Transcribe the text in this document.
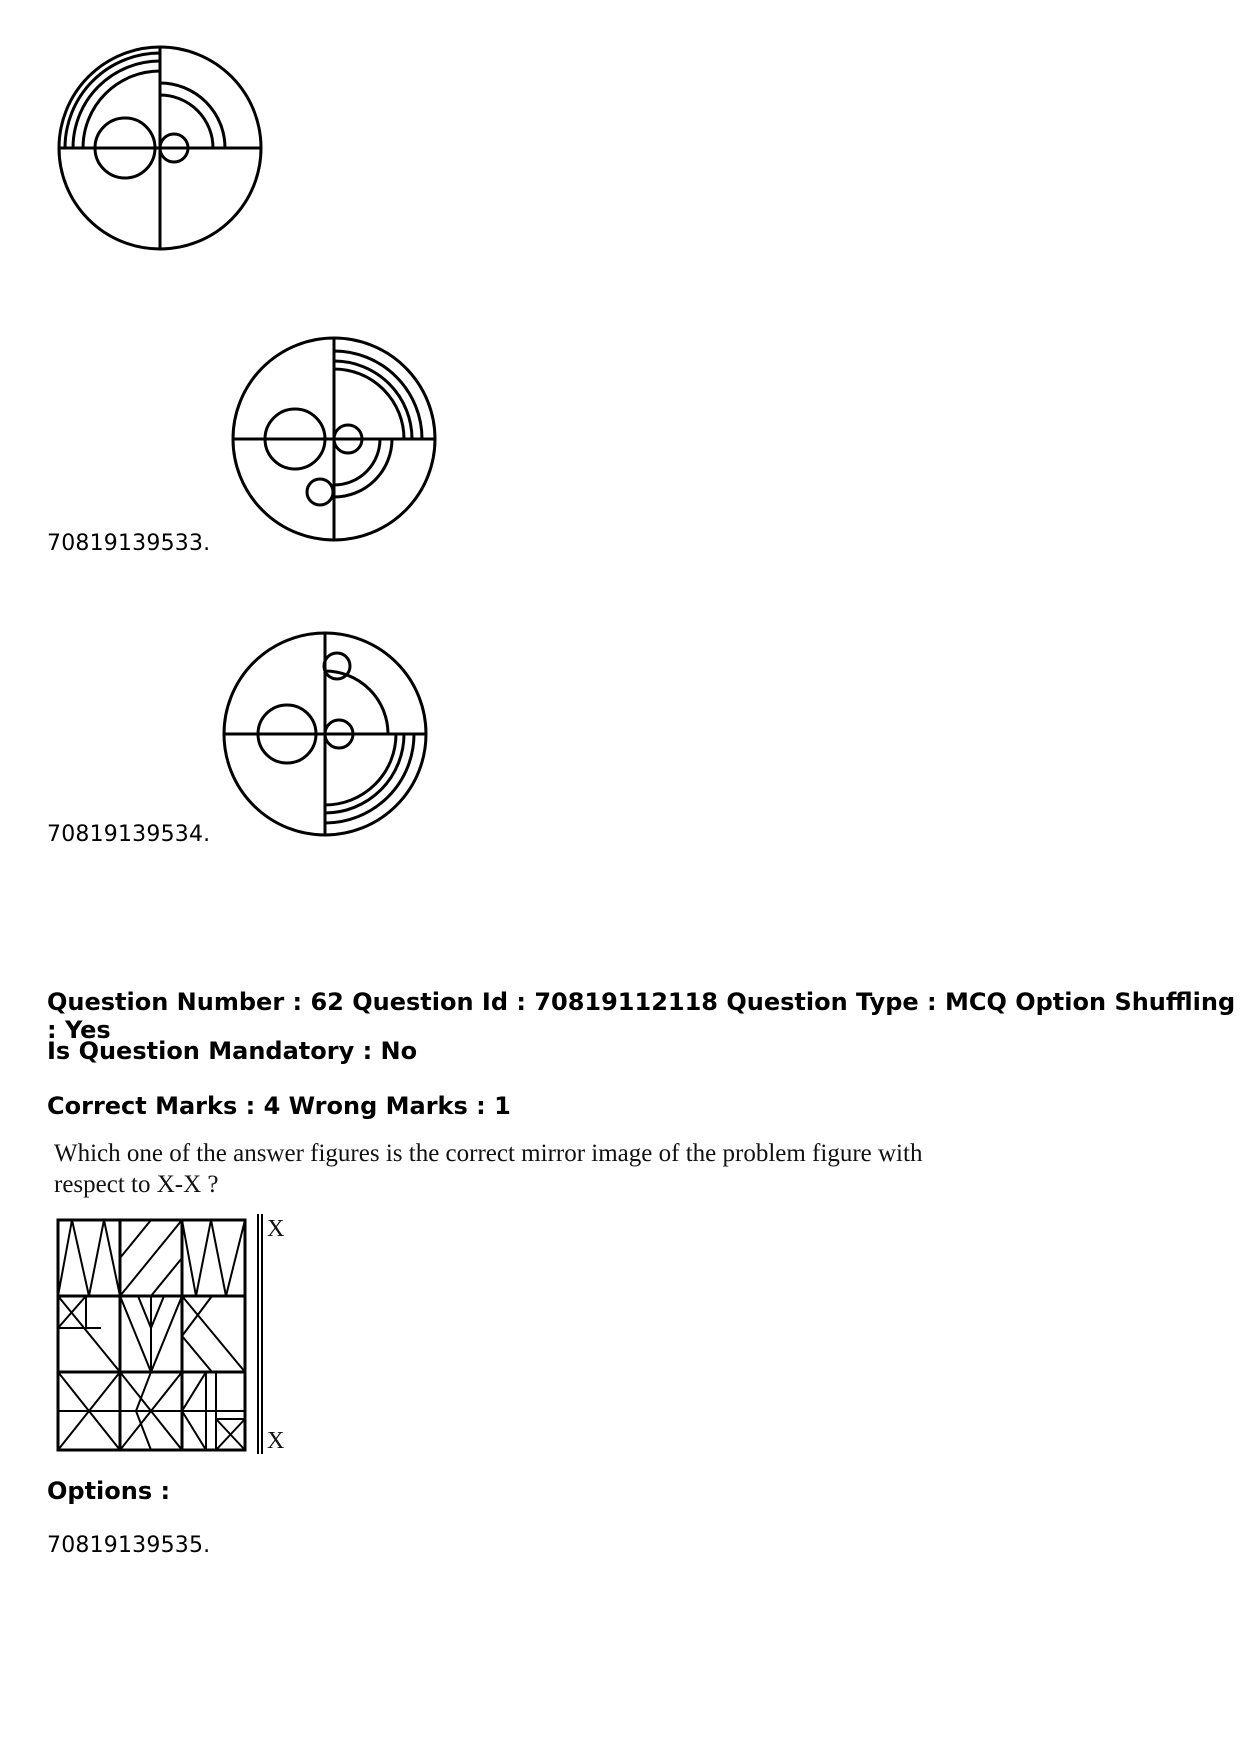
70819139533.
70819139534.
Question Number : 62 Question Id : 70819112118 Question Type : MCQ Option Shuffling : Yes
Is Question Mandatory : No
Correct Marks : 4 Wrong Marks : 1
Which one of the answer figures is the correct mirror image of the problem figure with
respect to X-X ?
X
X
Options :
70819139535.
